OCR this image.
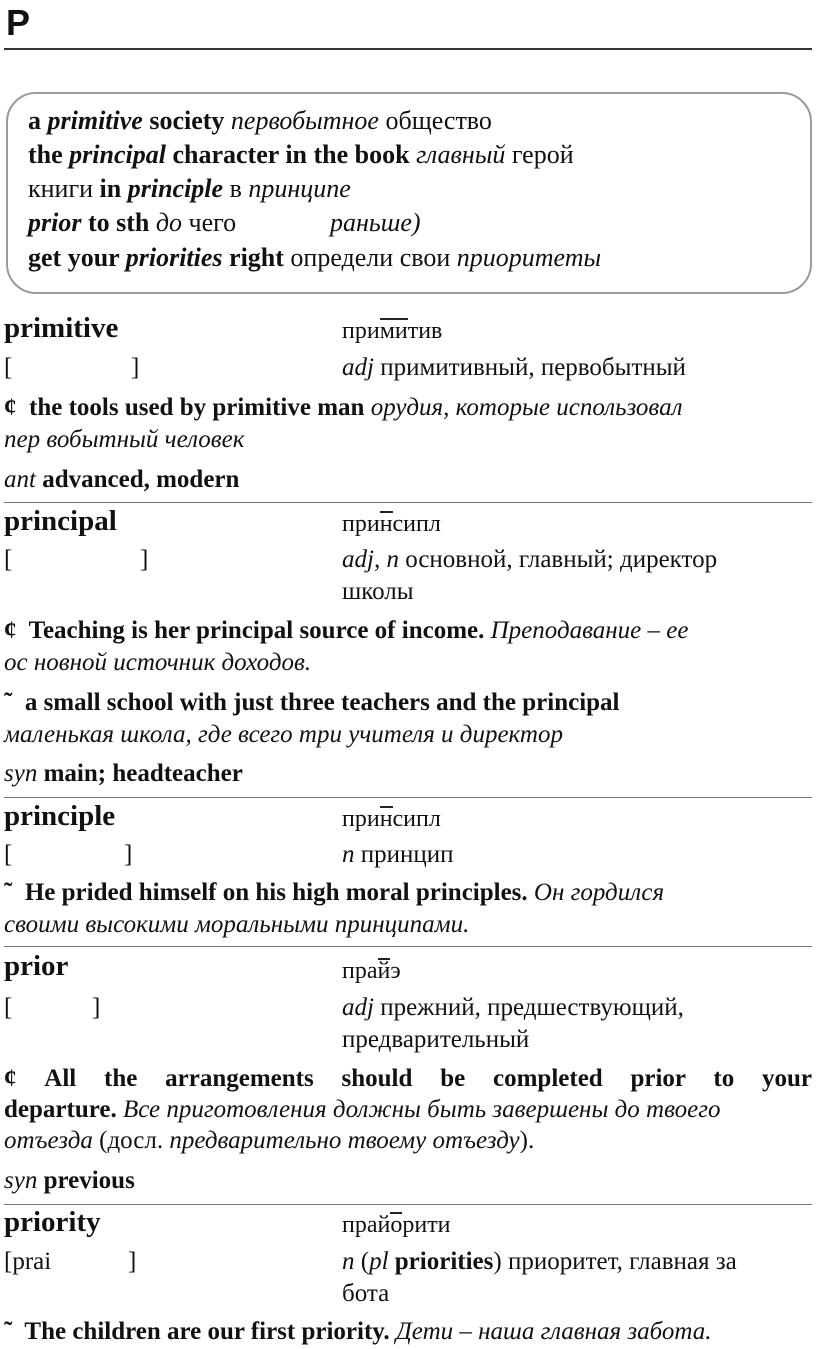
P
a primitive society первобытное общество
the principal character in the book главный герой
книги in principle в принципе
prior to sth до чего	раньше)
get your priorities right определи свои приоритеты
primitive	примитив
[	]	adj примитивный, первобытный
¢ the tools used by primitive man орудия, которые использовал
пер вобытный человек
ant advanced, modern
principal	принсипл
[	]	adj, n основной, главный; директор
школы
¢ Teaching is her principal source of income. Преподавание – ее
ос новной источник доходов.
˜ a small school with just three teachers and the principal
маленькая школа, где всего три учителя и директор
syn main; headteacher
principle	принсипл
[	]	n принцип
˜ He prided himself on his high moral principles. Он гордился
своими высокими моральными принципами.
prior	прайэ
[	]	adj прежний, предшествующий,
предварительный
¢ All the arrangements should be completed prior to your
departure. Все приготовления должны быть завершены до твоего
отъезда (досл. предварительно твоему отъезду).
syn previous
priority	прайорити
[prai	]	n (pl priorities) приоритет, главная за
бота
˜ The children are our first priority. Дети – наша главная забота.
